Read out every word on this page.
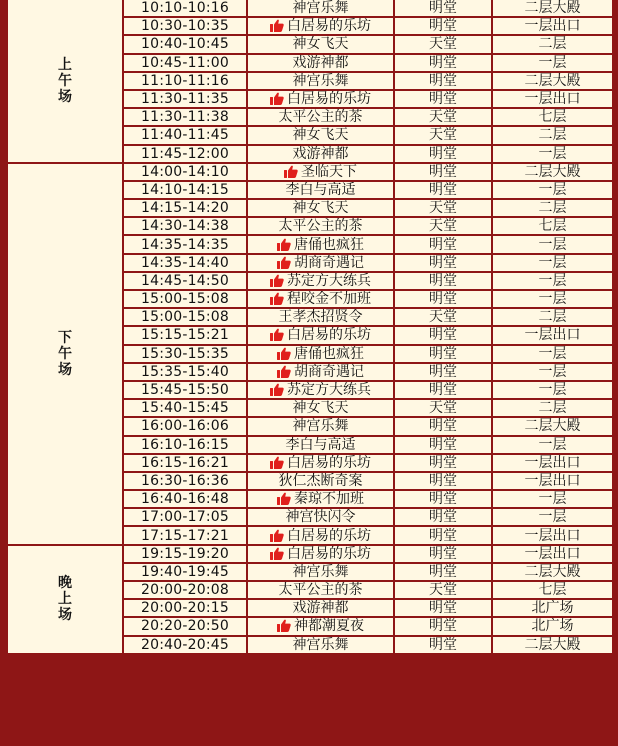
上
午
场	10:10-10:16	神宫乐舞	明堂	二层大殿
	10:30-10:35	白居易的乐坊	明堂	一层出口
	10:40-10:45	神女飞天	天堂	二层
	10:45-11:00	戏游神都	明堂	一层
	11:10-11:16	神宫乐舞	明堂	二层大殿
	11:30-11:35	白居易的乐坊	明堂	一层出口
	11:30-11:38	太平公主的茶	天堂	七层
	11:40-11:45	神女飞天	天堂	二层
	11:45-12:00	戏游神都	明堂	一层

下
午
场	14:00-14:10	圣临天下	明堂	二层大殿
	14:10-14:15	李白与高适	明堂	一层
	14:15-14:20	神女飞天	天堂	二层
	14:30-14:38	太平公主的茶	天堂	七层
	14:35-14:35	唐俑也疯狂	明堂	一层
	14:35-14:40	胡商奇遇记	明堂	一层
	14:45-14:50	苏定方大练兵	明堂	一层
	15:00-15:08	程咬金不加班	明堂	一层
	15:00-15:08	王孝杰招贤令	天堂	二层
	15:15-15:21	白居易的乐坊	明堂	一层出口
	15:30-15:35	唐俑也疯狂	明堂	一层
	15:35-15:40	胡商奇遇记	明堂	一层
	15:45-15:50	苏定方大练兵	明堂	一层
	15:40-15:45	神女飞天	天堂	二层
	16:00-16:06	神宫乐舞	明堂	二层大殿
	16:10-16:15	李白与高适	明堂	一层
	16:15-16:21	白居易的乐坊	明堂	一层出口
	16:30-16:36	狄仁杰断奇案	明堂	一层出口
	16:40-16:48	秦琼不加班	明堂	一层
	17:00-17:05	神宫快闪令	明堂	一层
	17:15-17:21	白居易的乐坊	明堂	一层出口

晚
上
场	19:15-19:20	白居易的乐坊	明堂	一层出口
	19:40-19:45	神宫乐舞	明堂	二层大殿
	20:00-20:08	太平公主的茶	天堂	七层
	20:00-20:15	戏游神都	明堂	北广场
	20:20-20:50	神都潮夏夜	明堂	北广场
	20:40-20:45	神宫乐舞	明堂	二层大殿
